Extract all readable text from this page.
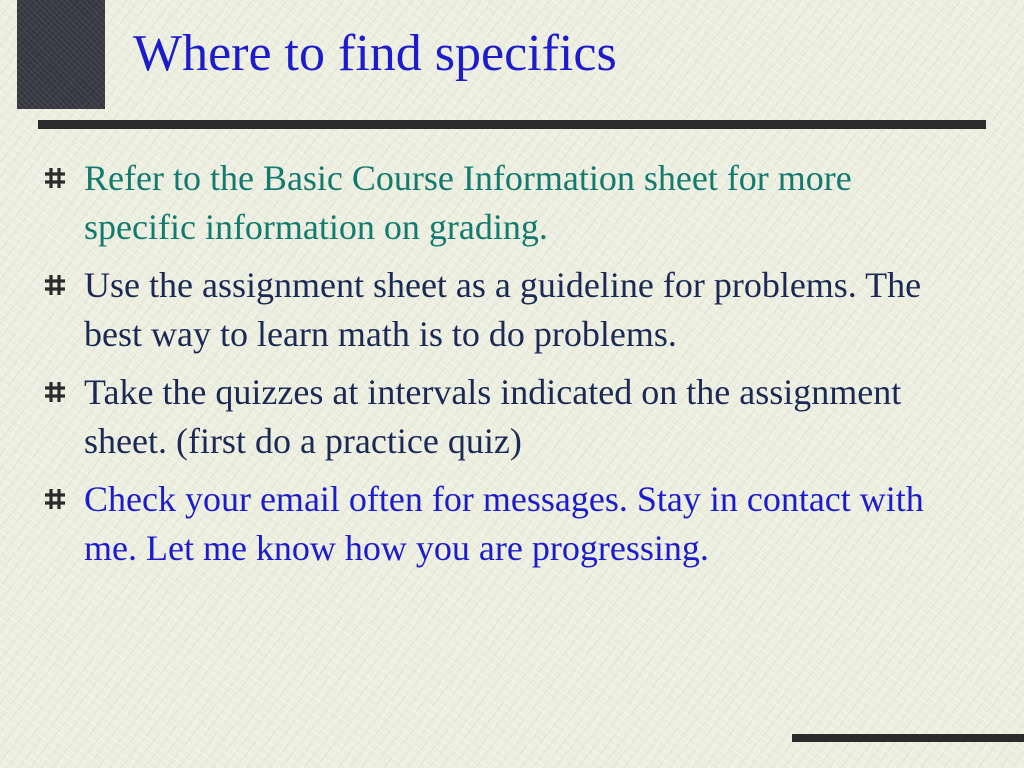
Where to find specifics
Refer to the Basic Course Information sheet for more specific information on grading.
Use the assignment sheet as a guideline for problems. The best way to learn math is to do problems.
Take the quizzes at intervals indicated on the assignment sheet. (first do a practice quiz)
Check your email often for messages. Stay in contact with me. Let me know how you are progressing.
